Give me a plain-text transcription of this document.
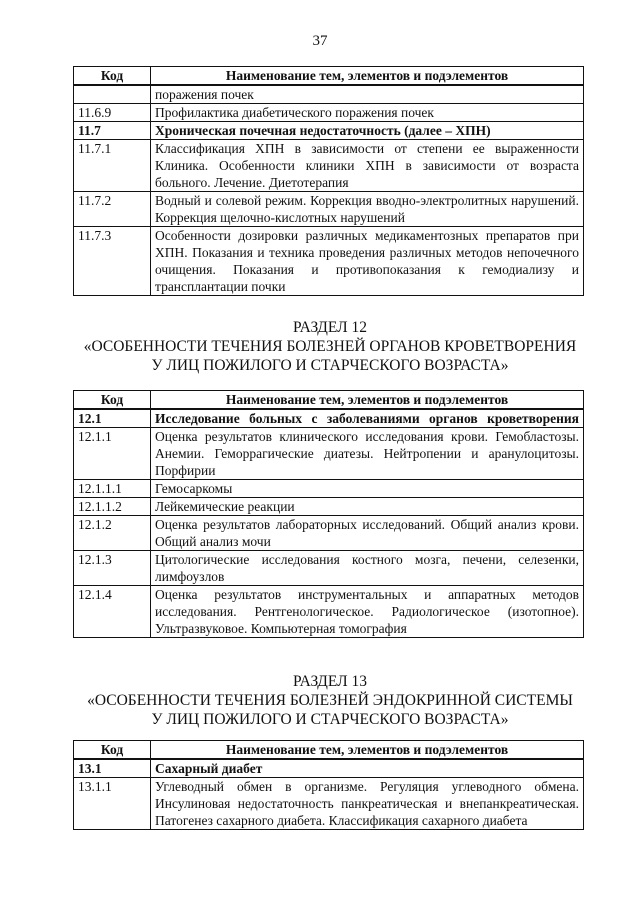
37
Код	Наименование тем, элементов и подэлементов
	поражения почек
11.6.9	Профилактика диабетического поражения почек
11.7	Хроническая почечная недостаточность (далее – ХПН)
11.7.1	Классификация ХПН в зависимости от степени ее выраженности Клиника. Особенности клиники ХПН в зависимости от возраста больного. Лечение. Диетотерапия
11.7.2	Водный и солевой режим. Коррекция вводно-электролитных нарушений. Коррекция щелочно-кислотных нарушений
11.7.3	Особенности дозировки различных медикаментозных препаратов при ХПН. Показания и техника проведения различных методов непочечного очищения. Показания и противопоказания к гемодиализу и трансплантации почки
РАЗДЕЛ 12
«ОСОБЕННОСТИ ТЕЧЕНИЯ БОЛЕЗНЕЙ ОРГАНОВ КРОВЕТВОРЕНИЯ
У ЛИЦ ПОЖИЛОГО И СТАРЧЕСКОГО ВОЗРАСТА»
Код	Наименование тем, элементов и подэлементов
12.1	Исследование больных с заболеваниями органов кроветворения
12.1.1	Оценка результатов клинического исследования крови. Гемобластозы. Анемии. Геморрагические диатезы. Нейтропении и аранулоцитозы. Порфирии
12.1.1.1	Гемосаркомы
12.1.1.2	Лейкемические реакции
12.1.2	Оценка результатов лабораторных исследований. Общий анализ крови. Общий анализ мочи
12.1.3	Цитологические исследования костного мозга, печени, селезенки, лимфоузлов
12.1.4	Оценка результатов инструментальных и аппаратных методов исследования. Рентгенологическое. Радиологическое (изотопное). Ультразвуковое. Компьютерная томография
РАЗДЕЛ 13
«ОСОБЕННОСТИ ТЕЧЕНИЯ БОЛЕЗНЕЙ ЭНДОКРИННОЙ СИСТЕМЫ
У ЛИЦ ПОЖИЛОГО И СТАРЧЕСКОГО ВОЗРАСТА»
Код	Наименование тем, элементов и подэлементов
13.1	Сахарный диабет
13.1.1	Углеводный обмен в организме. Регуляция углеводного обмена. Инсулиновая недостаточность панкреатическая и внепанкреатическая. Патогенез сахарного диабета. Классификация сахарного диабета
